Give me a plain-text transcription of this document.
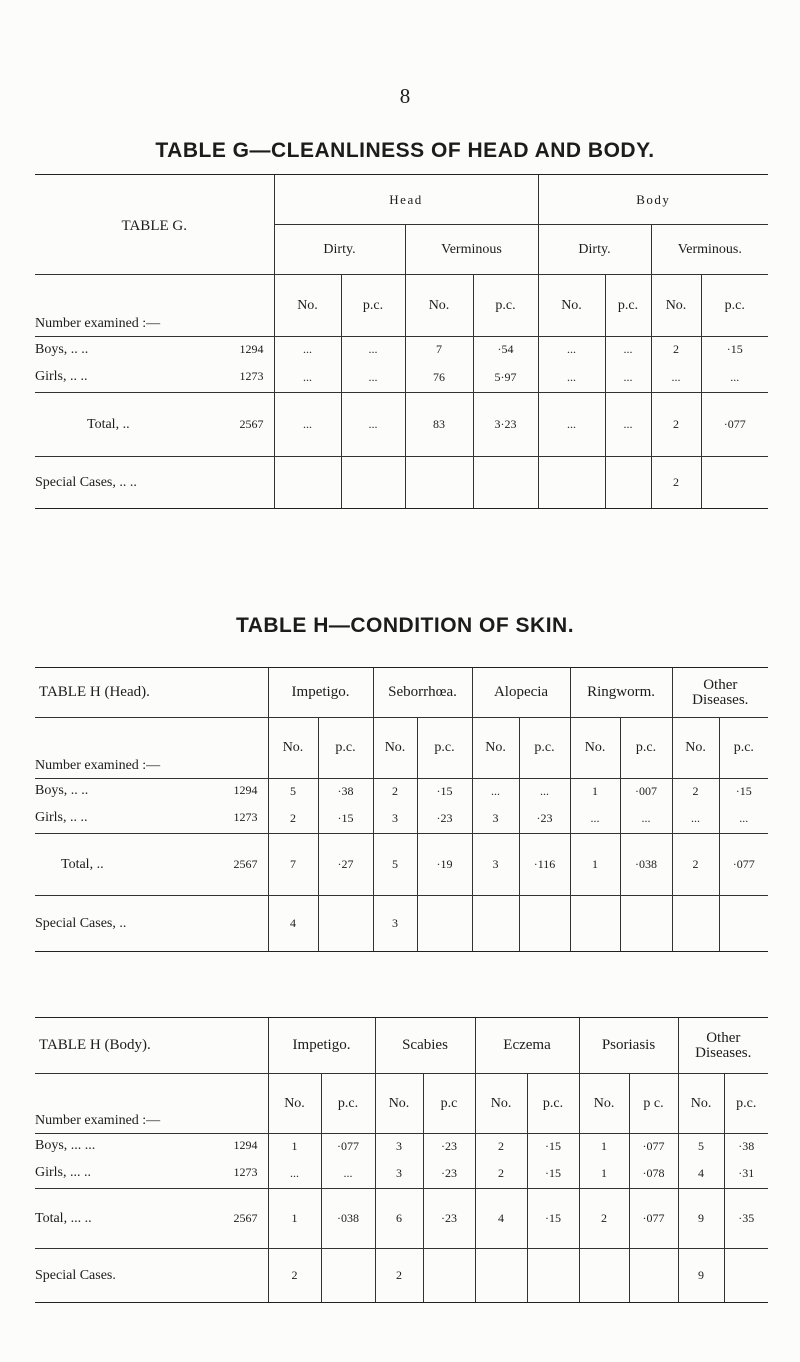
8
TABLE G—CLEANLINESS OF HEAD AND BODY.
TABLE G.	Head				Body			
	Dirty.		Verminous		Dirty.		Verminous.	
Number examined :—	No.	p.c.	No.	p.c.	No.	p.c.	No.	p.c.
Boys, .. .. 1294	...	...	7	·54	...	...	2	·15
Girls, .. .. 1273	...	...	76	5·97	...	...	...	...
Total, .. 2567	...	...	83	3·23	...	...	2	·077
Special Cases, .. ..							2	
TABLE H—CONDITION OF SKIN.
TABLE H (Head).	Impetigo.		Seborrhœa.		Alopecia		Ringworm.		Other Diseases.	
Number examined :—	No.	p.c.	No.	p.c.	No.	p.c.	No.	p.c.	No.	p.c.
Boys, .. .. 1294	5	·38	2	·15	...	...	1	·007	2	·15
Girls, .. .. 1273	2	·15	3	·23	3	·23	...	...	...	...
Total, .. 2567	7	·27	5	·19	3	·116	1	·038	2	·077
Special Cases, ..	4		3							
TABLE H (Body).	Impetigo.		Scabies		Eczema		Psoriasis		Other Diseases.	
Number examined :—	No.	p.c.	No.	p.c	No.	p.c.	No.	p c.	No.	p.c.
Boys, ... ... 1294	1	·077	3	·23	2	·15	1	·077	5	·38
Girls, ... .. 1273	...	...	3	·23	2	·15	1	·078	4	·31
Total, ... .. 2567	1	·038	6	·23	4	·15	2	·077	9	·35
Special Cases.	2		2						9	
